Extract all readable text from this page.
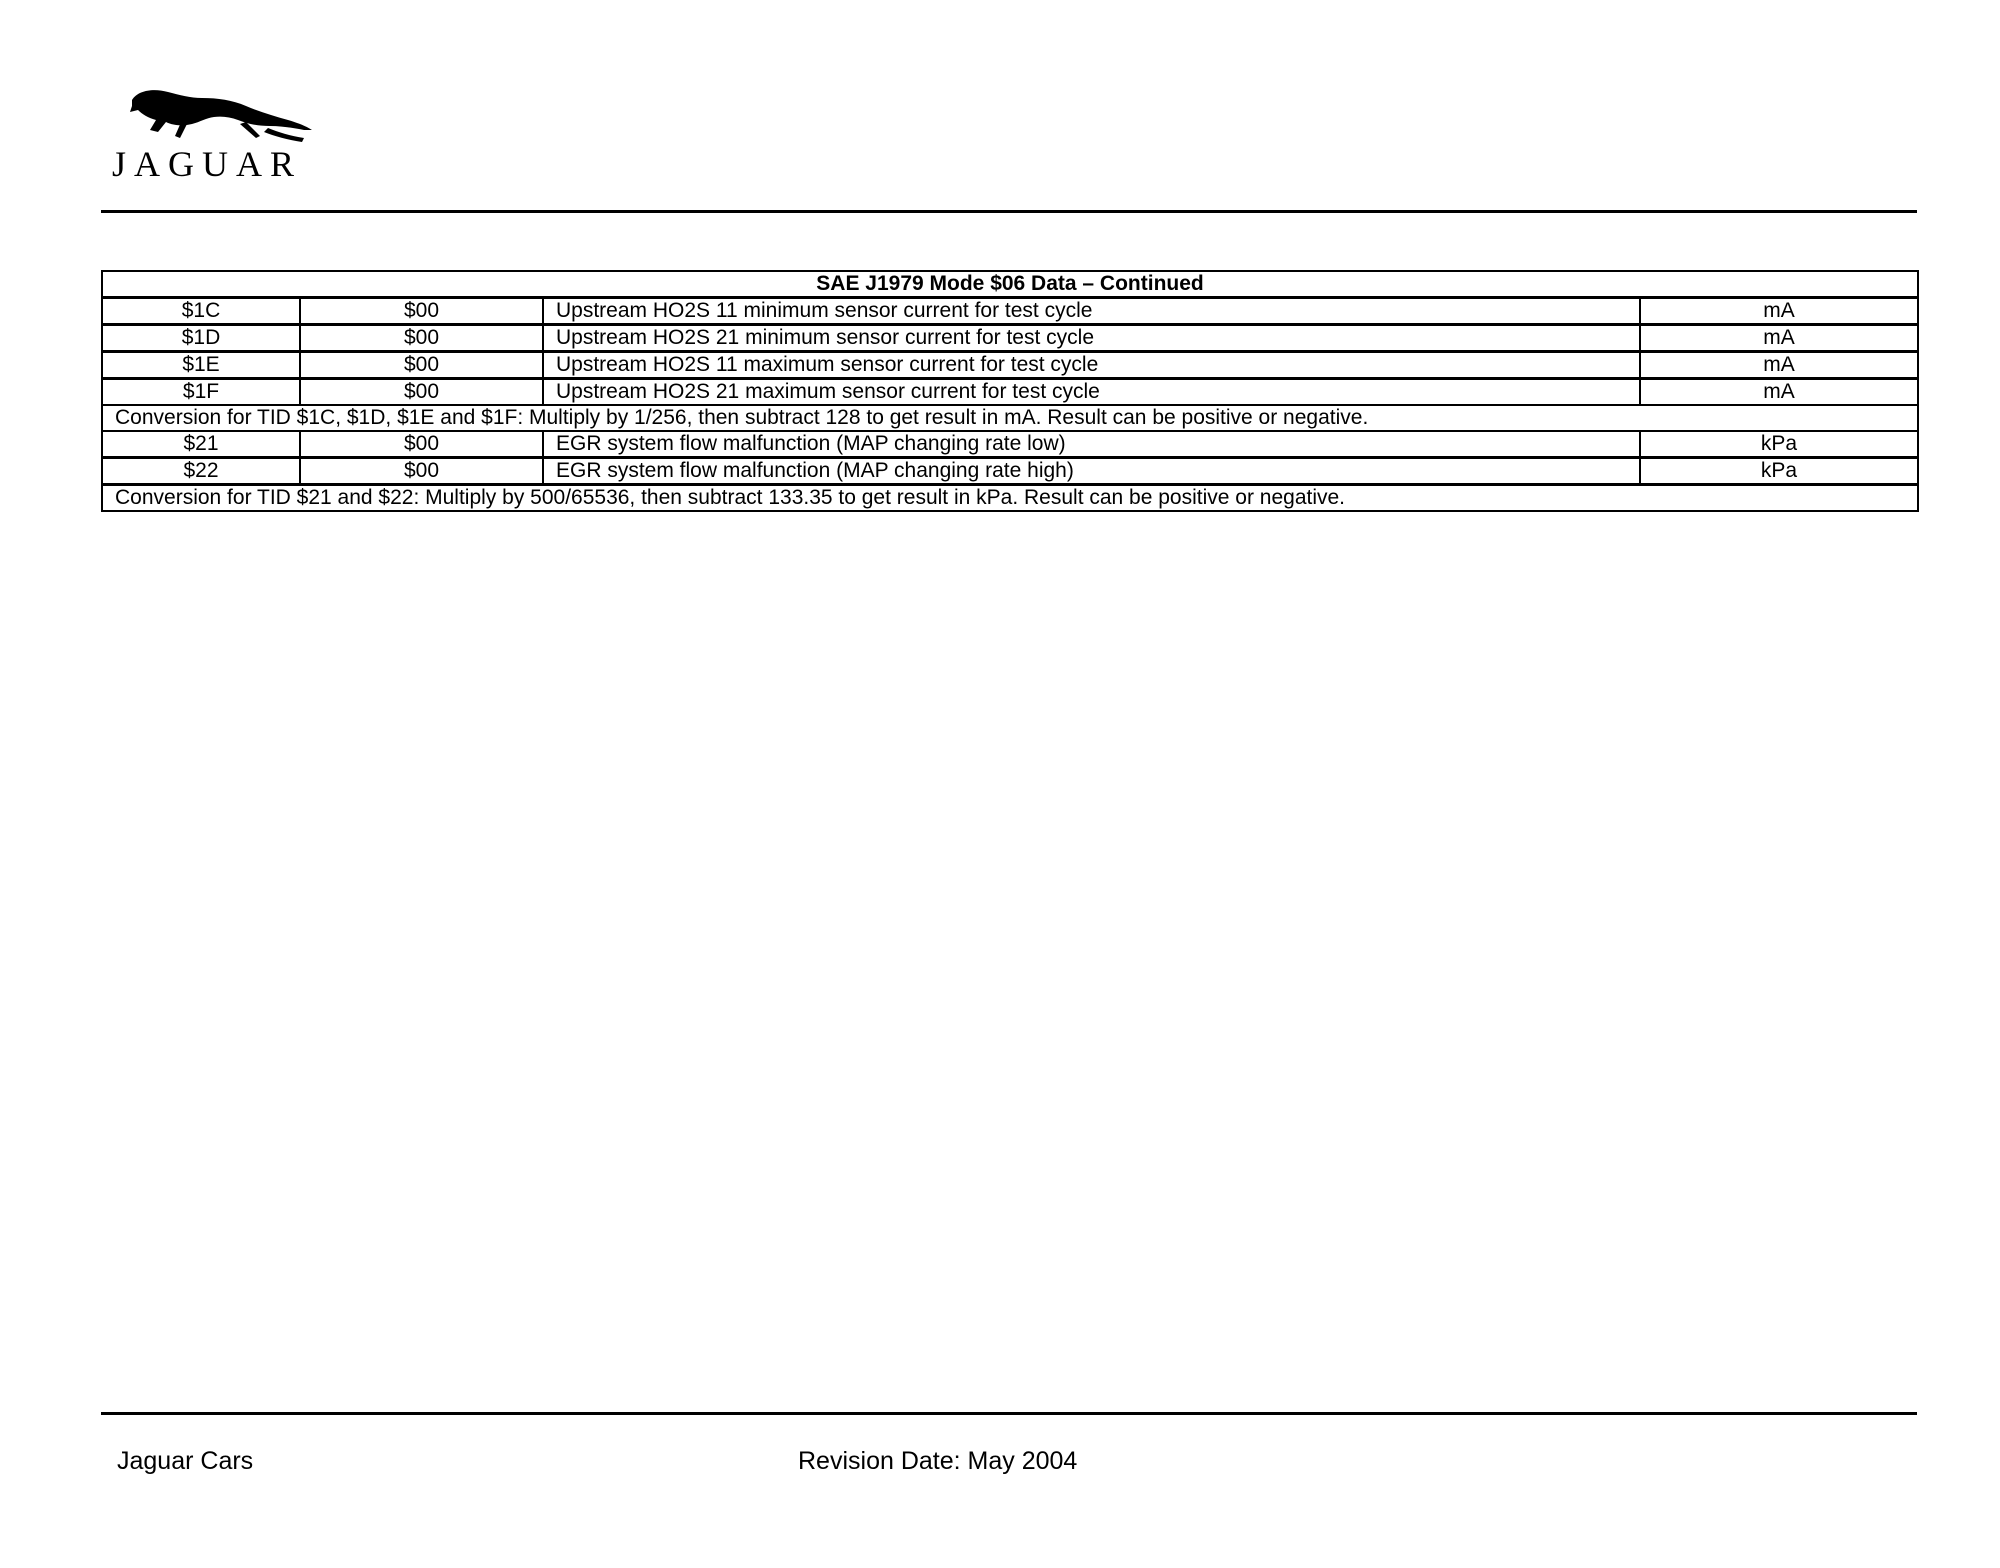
JAGUAR
SAE J1979 Mode $06 Data – Continued			
$1C	$00	Upstream HO2S 11 minimum sensor current for test cycle	mA
$1D	$00	Upstream HO2S 21 minimum sensor current for test cycle	mA
$1E	$00	Upstream HO2S 11 maximum sensor current for test cycle	mA
$1F	$00	Upstream HO2S 21 maximum sensor current for test cycle	mA
Conversion for TID $1C, $1D, $1E and $1F: Multiply by 1/256, then subtract 128 to get result in mA. Result can be positive or negative.			
$21	$00	EGR system flow malfunction (MAP changing rate low)	kPa
$22	$00	EGR system flow malfunction (MAP changing rate high)	kPa
Conversion for TID $21 and $22: Multiply by 500/65536, then subtract 133.35 to get result in kPa. Result can be positive or negative.			
Jaguar Cars	Revision Date: May 2004
